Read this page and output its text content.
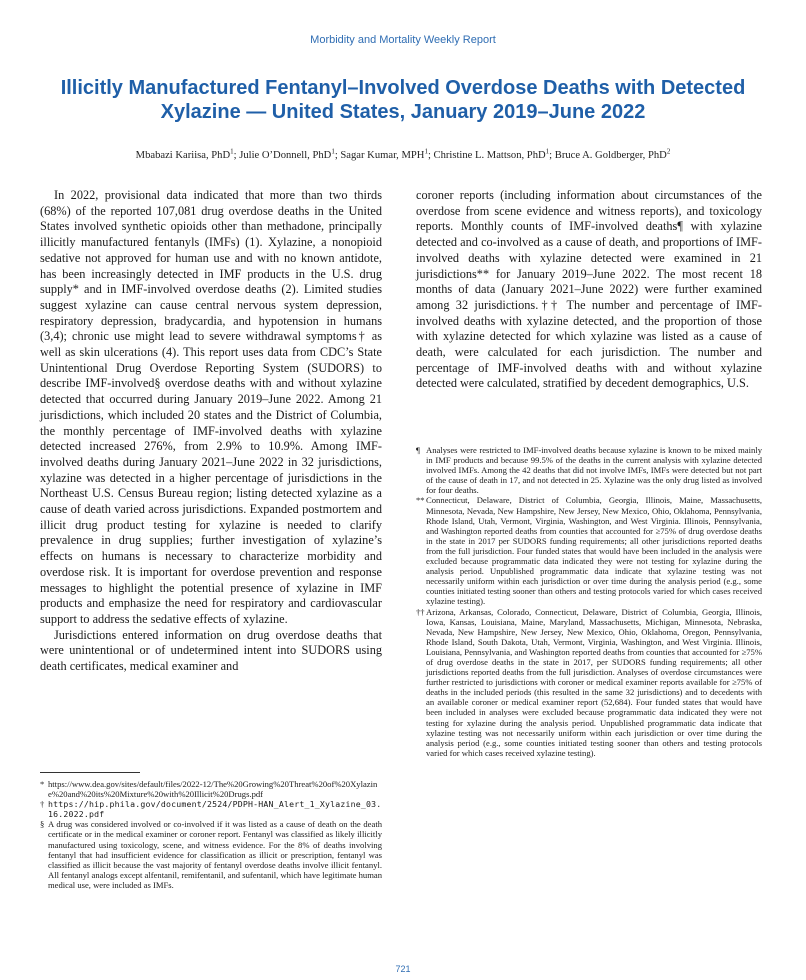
Morbidity and Mortality Weekly Report
Illicitly Manufactured Fentanyl–Involved Overdose Deaths with Detected Xylazine — United States, January 2019–June 2022
Mbabazi Kariisa, PhD$^1$; Julie O’Donnell, PhD$^1$; Sagar Kumar, MPH$^1$; Christine L. Mattson, PhD$^1$; Bruce A. Goldberger, PhD$^2$

In 2022, provisional data indicated that more than two thirds (68%) of the reported 107,081 drug overdose deaths in the United States involved synthetic opioids other than methadone, principally illicitly manufactured fentanyls (IMFs) (1). Xylazine, a nonopioid sedative not approved for human use and with no known antidote, has been increasingly detected in IMF products in the U.S. drug supply* and in IMF-involved overdose deaths (2). Limited studies suggest xylazine can cause central nervous system depression, respiratory depression, bradycardia, and hypotension in humans (3,4); chronic use might lead to severe withdrawal symptoms† as well as skin ulcerations (4). This report uses data from CDC’s State Unintentional Drug Overdose Reporting System (SUDORS) to describe IMF-involved§ overdose deaths with and without xylazine detected that occurred during January 2019–June 2022. Among 21 jurisdictions, which included 20 states and the District of Columbia, the monthly percentage of IMF-involved deaths with xylazine detected increased 276%, from 2.9% to 10.9%. Among IMF-involved deaths during January 2021–June 2022 in 32 jurisdictions, xylazine was detected in a higher percentage of jurisdictions in the Northeast U.S. Census Bureau region; listing detected xylazine as a cause of death varied across jurisdictions. Expanded postmortem and illicit drug product testing for xylazine is needed to clarify prevalence in drug supplies; further investigation of xylazine’s effects on humans is necessary to characterize morbidity and overdose risk. It is important for overdose prevention and response messages to highlight the potential presence of xylazine in IMF products and emphasize the need for respiratory and cardiovascular support to address the sedative effects of xylazine.

Jurisdictions entered information on drug overdose deaths that were unintentional or of undetermined intent into SUDORS using death certificates, medical examiner and

* https://www.dea.gov/sites/default/files/2022-12/The%20Growing%20Threat%20of%20Xylazine%20and%20its%20Mixture%20with%20Illicit%20Drugs.pdf
† https://hip.phila.gov/document/2524/PDPH-HAN_Alert_1_Xylazine_03.16.2022.pdf
§ A drug was considered involved or co-involved if it was listed as a cause of death on the death certificate or in the medical examiner or coroner report. Fentanyl was classified as likely illicitly manufactured using toxicology, scene, and witness evidence. For the 8% of deaths involving fentanyl that had insufficient evidence for classification as illicit or prescription, fentanyl was classified as illicit because the vast majority of fentanyl overdose deaths involve illicit fentanyl. All fentanyl analogs except alfentanil, remifentanil, and sufentanil, which have legitimate human medical use, were included as IMFs.

coroner reports (including information about circumstances of the overdose from scene evidence and witness reports), and toxicology reports. Monthly counts of IMF-involved deaths¶ with xylazine detected and co-involved as a cause of death, and proportions of IMF-involved deaths with xylazine detected were examined in 21 jurisdictions** for January 2019–June 2022. The most recent 18 months of data (January 2021–June 2022) were further examined among 32 jurisdictions.†† The number and percentage of IMF-involved deaths with xylazine detected, and the proportion of those with xylazine detected for which xylazine was listed as a cause of death, were calculated for each jurisdiction. The number and percentage of IMF-involved deaths with and without xylazine detected were calculated, stratified by decedent demographics, U.S.

¶ Analyses were restricted to IMF-involved deaths because xylazine is known to be mixed mainly in IMF products and because 99.5% of the deaths in the current analysis with xylazine detected involved IMFs. Among the 42 deaths that did not involve IMFs, IMFs were detected but not part of the cause of death in 17, and not detected in 25. Xylazine was the only drug listed as involved for four deaths.
** Connecticut, Delaware, District of Columbia, Georgia, Illinois, Maine, Massachusetts, Minnesota, Nevada, New Hampshire, New Jersey, New Mexico, Ohio, Oklahoma, Pennsylvania, Rhode Island, Utah, Vermont, Virginia, Washington, and West Virginia. Illinois, Pennsylvania, and Washington reported deaths from counties that accounted for ≥75% of drug overdose deaths in the state in 2017 per SUDORS funding requirements; all other jurisdictions reported deaths from the full jurisdiction. Four funded states that would have been included in the analysis were excluded because programmatic data indicated they were not testing for xylazine during the analysis period. Unpublished programmatic data indicate that xylazine testing was not necessarily uniform within each jurisdiction or over time during the analysis period (e.g., some counties initiated testing sooner than others and testing protocols varied for which cases received xylazine testing).
†† Arizona, Arkansas, Colorado, Connecticut, Delaware, District of Columbia, Georgia, Illinois, Iowa, Kansas, Louisiana, Maine, Maryland, Massachusetts, Michigan, Minnesota, Nebraska, Nevada, New Hampshire, New Jersey, New Mexico, Ohio, Oklahoma, Oregon, Pennsylvania, Rhode Island, South Dakota, Utah, Vermont, Virginia, Washington, and West Virginia. Illinois, Louisiana, Pennsylvania, and Washington reported deaths from counties that accounted for ≥75% of drug overdose deaths in the state in 2017, per SUDORS funding requirements; all other jurisdictions reported deaths from the full jurisdiction. Analyses of overdose circumstances were further restricted to jurisdictions with coroner or medical examiner reports available for ≥75% of deaths in the included periods (this resulted in the same 32 jurisdictions) and to decedents with an available coroner or medical examiner report (52,684). Four funded states that would have been included in analyses were excluded because programmatic data indicated they were not testing for xylazine during the analysis period. Unpublished programmatic data indicate that xylazine testing was not necessarily uniform within each jurisdiction or over time during the analysis period (e.g., some counties initiated testing sooner than others and testing protocols varied for which cases received xylazine testing).
721
